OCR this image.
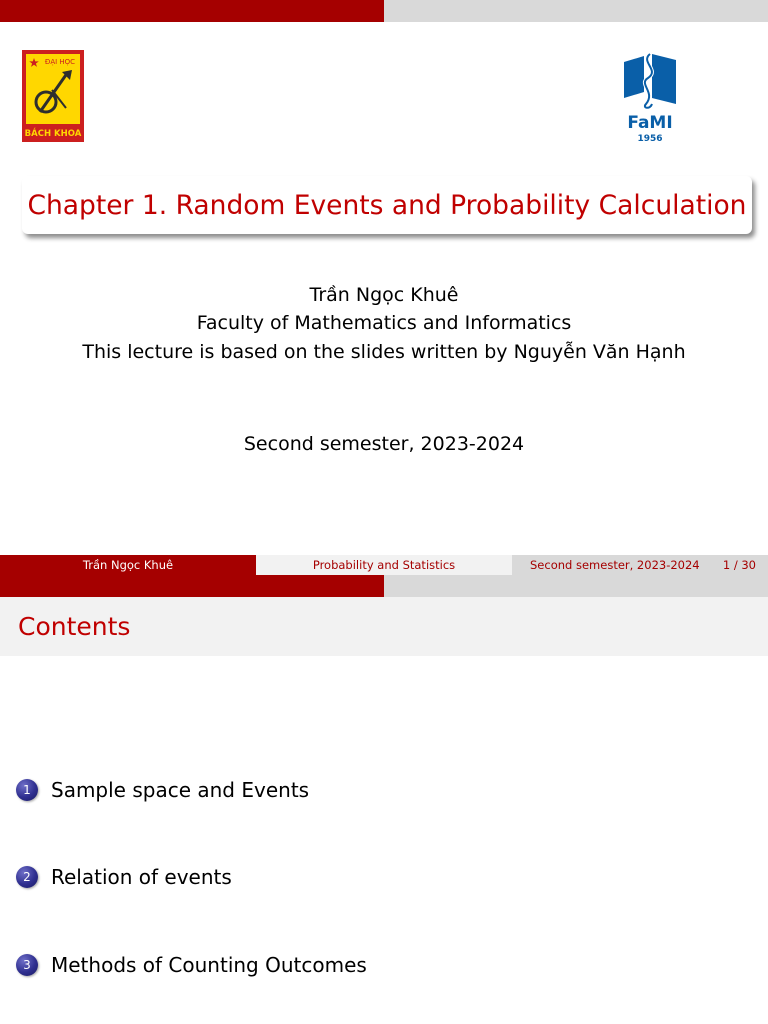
ĐẠI HỌC
BÁCH KHOA
FaMI
1956
Chapter 1. Random Events and Probability Calculation
Trần Ngọc Khuê
Faculty of Mathematics and Informatics
This lecture is based on the slides written by Nguyễn Văn Hạnh
Second semester, 2023-2024
Trần Ngọc Khuê	Probability and Statistics	Second semester, 2023-2024 1 / 30
Contents
1	Sample space and Events
2	Relation of events
3	Methods of Counting Outcomes
